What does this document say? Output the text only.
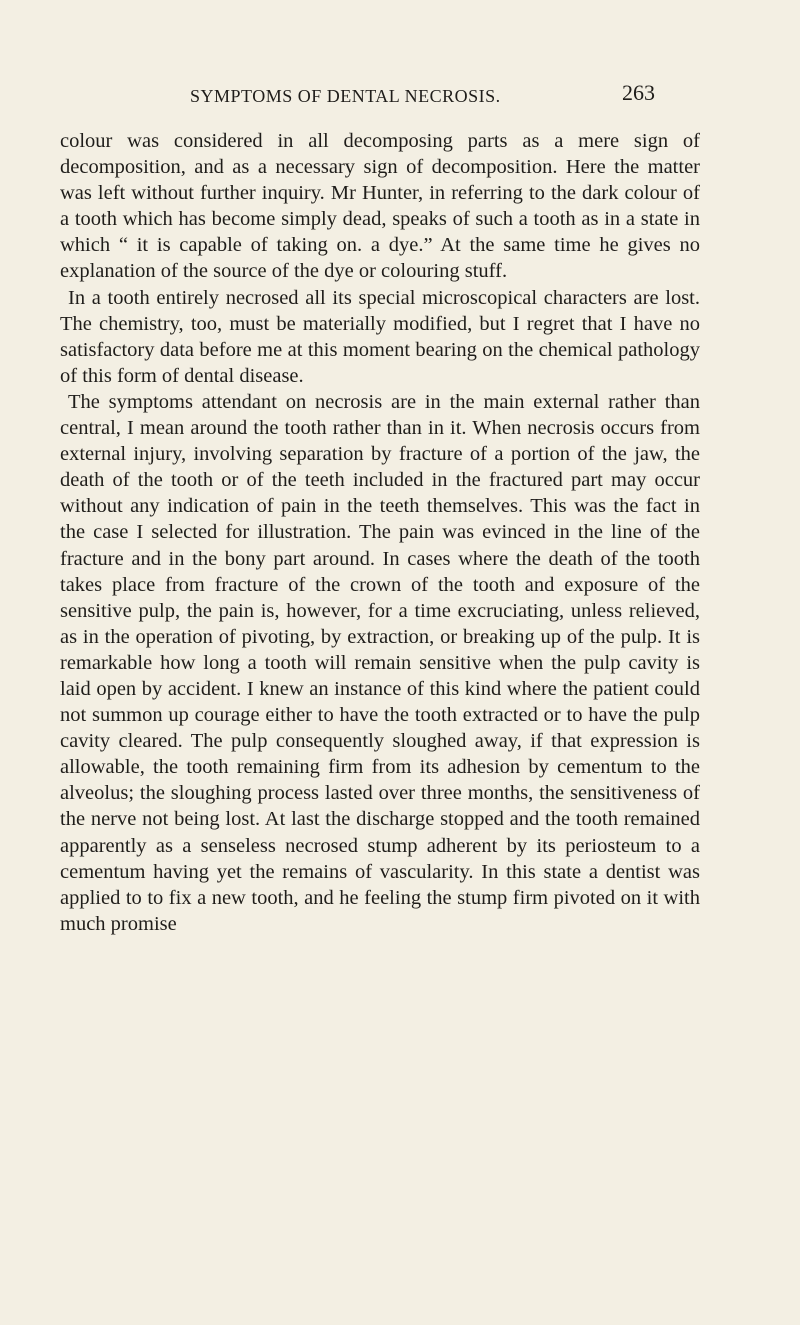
SYMPTOMS OF DENTAL NECROSIS.	263

colour was considered in all decomposing parts as a mere sign of decomposition, and as a necessary sign of decomposition. Here the matter was left without further inquiry. Mr Hunter, in referring to the dark colour of a tooth which has become simply dead, speaks of such a tooth as in a state in which “ it is capable of taking on. a dye.” At the same time he gives no explanation of the source of the dye or colouring stuff.

In a tooth entirely necrosed all its special microscopical characters are lost. The chemistry, too, must be materially modified, but I regret that I have no satisfactory data before me at this moment bearing on the chemical pathology of this form of dental disease.

The symptoms attendant on necrosis are in the main external rather than central, I mean around the tooth rather than in it. When necrosis occurs from external injury, involving separation by fracture of a portion of the jaw, the death of the tooth or of the teeth included in the fractured part may occur without any indication of pain in the teeth themselves. This was the fact in the case I selected for illustration. The pain was evinced in the line of the fracture and in the bony part around. In cases where the death of the tooth takes place from fracture of the crown of the tooth and exposure of the sensitive pulp, the pain is, however, for a time excruciating, unless relieved, as in the operation of pivoting, by extraction, or breaking up of the pulp. It is remarkable how long a tooth will remain sensitive when the pulp cavity is laid open by accident. I knew an instance of this kind where the patient could not summon up courage either to have the tooth extracted or to have the pulp cavity cleared. The pulp consequently sloughed away, if that expression is allowable, the tooth remaining firm from its adhesion by cementum to the alveolus; the sloughing process lasted over three months, the sensitiveness of the nerve not being lost. At last the discharge stopped and the tooth remained apparently as a senseless necrosed stump adherent by its periosteum to a cementum having yet the remains of vascularity. In this state a dentist was applied to to fix a new tooth, and he feeling the stump firm pivoted on it with much promise
